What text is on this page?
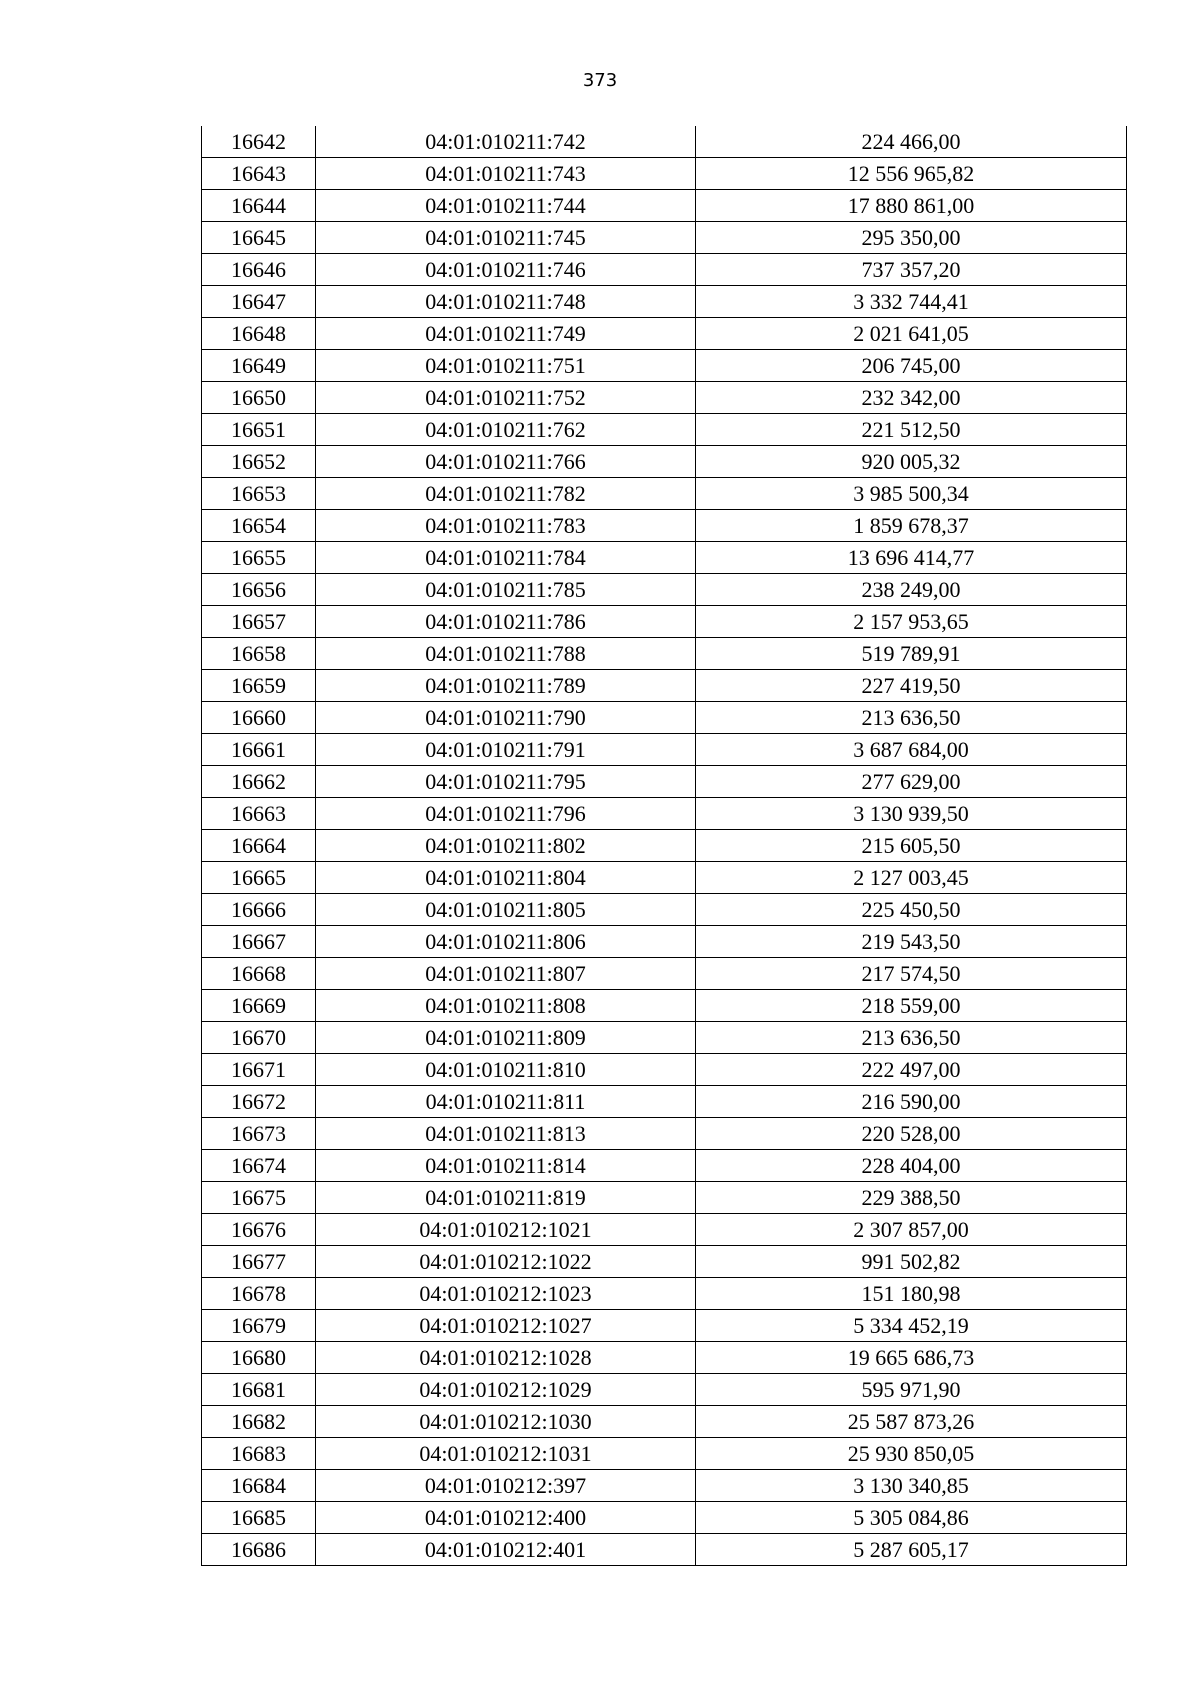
373
16642	04:01:010211:742	224 466,00
16643	04:01:010211:743	12 556 965,82
16644	04:01:010211:744	17 880 861,00
16645	04:01:010211:745	295 350,00
16646	04:01:010211:746	737 357,20
16647	04:01:010211:748	3 332 744,41
16648	04:01:010211:749	2 021 641,05
16649	04:01:010211:751	206 745,00
16650	04:01:010211:752	232 342,00
16651	04:01:010211:762	221 512,50
16652	04:01:010211:766	920 005,32
16653	04:01:010211:782	3 985 500,34
16654	04:01:010211:783	1 859 678,37
16655	04:01:010211:784	13 696 414,77
16656	04:01:010211:785	238 249,00
16657	04:01:010211:786	2 157 953,65
16658	04:01:010211:788	519 789,91
16659	04:01:010211:789	227 419,50
16660	04:01:010211:790	213 636,50
16661	04:01:010211:791	3 687 684,00
16662	04:01:010211:795	277 629,00
16663	04:01:010211:796	3 130 939,50
16664	04:01:010211:802	215 605,50
16665	04:01:010211:804	2 127 003,45
16666	04:01:010211:805	225 450,50
16667	04:01:010211:806	219 543,50
16668	04:01:010211:807	217 574,50
16669	04:01:010211:808	218 559,00
16670	04:01:010211:809	213 636,50
16671	04:01:010211:810	222 497,00
16672	04:01:010211:811	216 590,00
16673	04:01:010211:813	220 528,00
16674	04:01:010211:814	228 404,00
16675	04:01:010211:819	229 388,50
16676	04:01:010212:1021	2 307 857,00
16677	04:01:010212:1022	991 502,82
16678	04:01:010212:1023	151 180,98
16679	04:01:010212:1027	5 334 452,19
16680	04:01:010212:1028	19 665 686,73
16681	04:01:010212:1029	595 971,90
16682	04:01:010212:1030	25 587 873,26
16683	04:01:010212:1031	25 930 850,05
16684	04:01:010212:397	3 130 340,85
16685	04:01:010212:400	5 305 084,86
16686	04:01:010212:401	5 287 605,17
